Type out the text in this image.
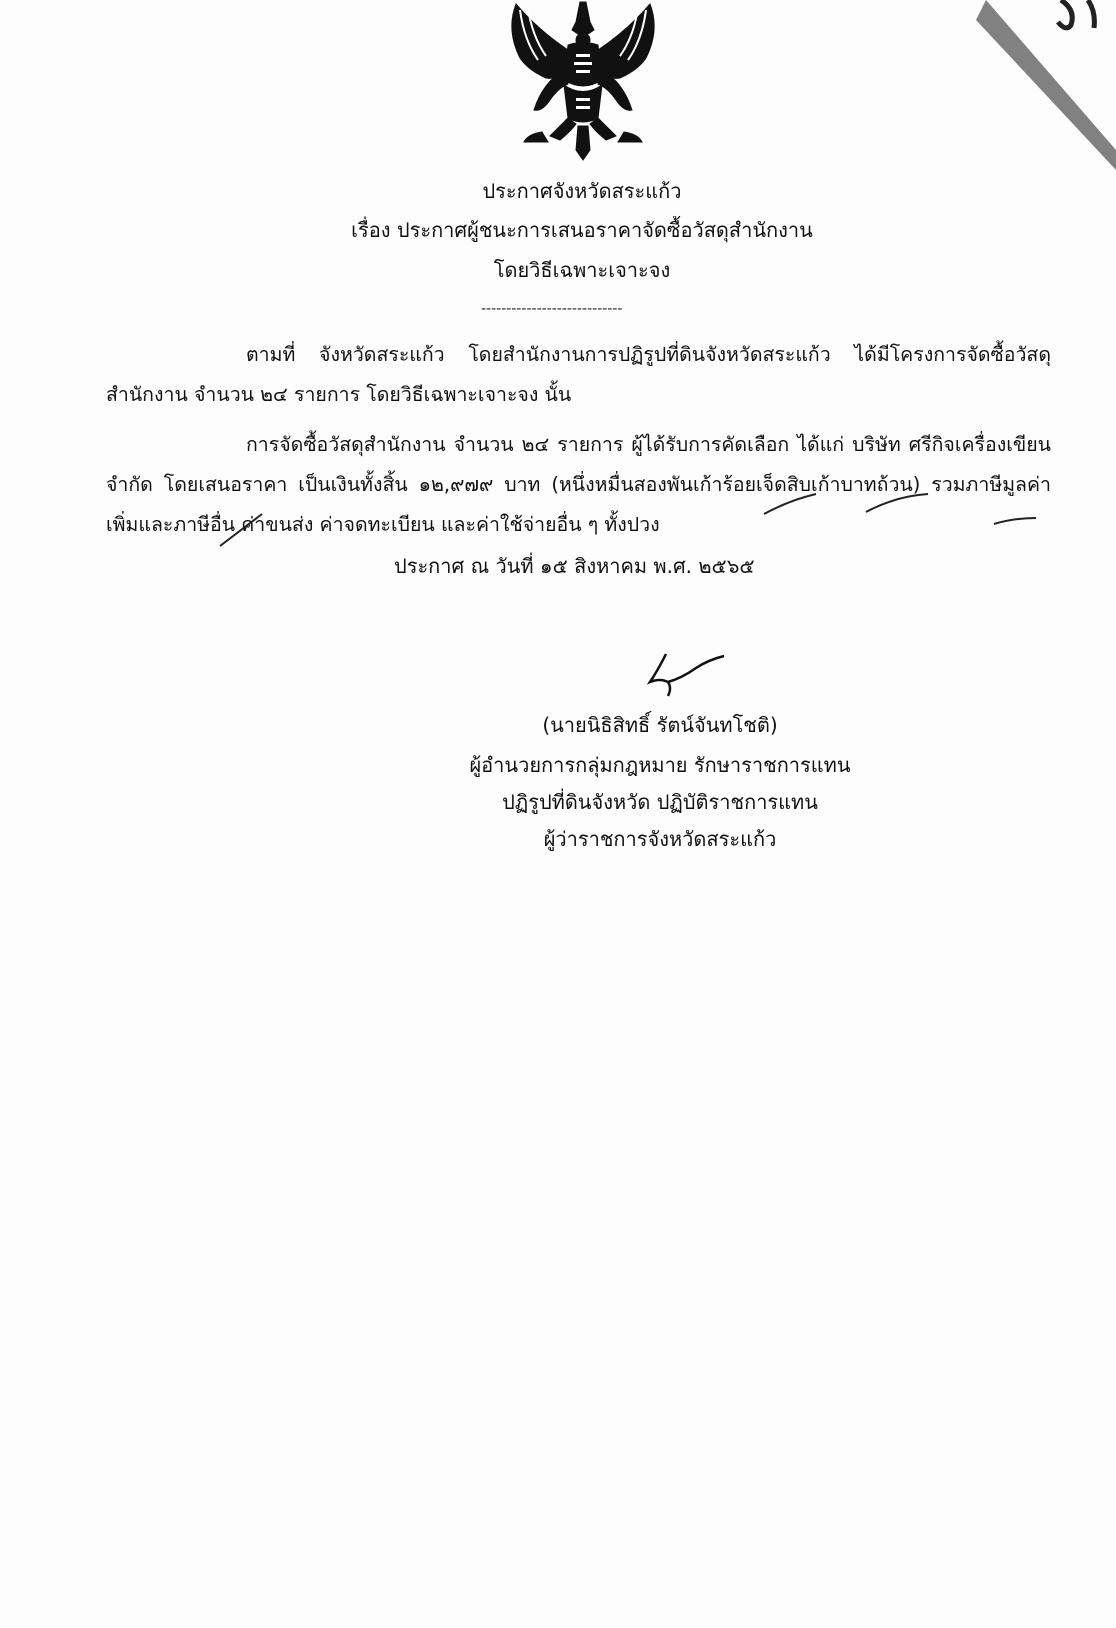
ประกาศจังหวัดสระแก้ว
เรื่อง ประกาศผู้ชนะการเสนอราคาจัดซื้อวัสดุสำนักงาน
โดยวิธีเฉพาะเจาะจง
----------------------------
ตามที่ จังหวัดสระแก้ว โดยสำนักงานการปฏิรูปที่ดินจังหวัดสระแก้ว ได้มีโครงการจัดซื้อวัสดุสำนักงาน จำนวน ๒๔ รายการ โดยวิธีเฉพาะเจาะจง นั้น
การจัดซื้อวัสดุสำนักงาน จำนวน ๒๔ รายการ ผู้ได้รับการคัดเลือก ได้แก่ บริษัท ศรีกิจเครื่องเขียน จำกัด โดยเสนอราคา เป็นเงินทั้งสิ้น ๑๒,๙๗๙ บาท (หนึ่งหมื่นสองพันเก้าร้อยเจ็ดสิบเก้าบาทถ้วน) รวมภาษีมูลค่าเพิ่มและภาษีอื่น ค่าขนส่ง ค่าจดทะเบียน และค่าใช้จ่ายอื่น ๆ ทั้งปวง
ประกาศ ณ วันที่ ๑๕ สิงหาคม พ.ศ. ๒๕๖๕
(นายนิธิสิทธิ์ รัตน์จันทโชติ)
ผู้อำนวยการกลุ่มกฎหมาย รักษาราชการแทน
ปฏิรูปที่ดินจังหวัด ปฏิบัติราชการแทน
ผู้ว่าราชการจังหวัดสระแก้ว
